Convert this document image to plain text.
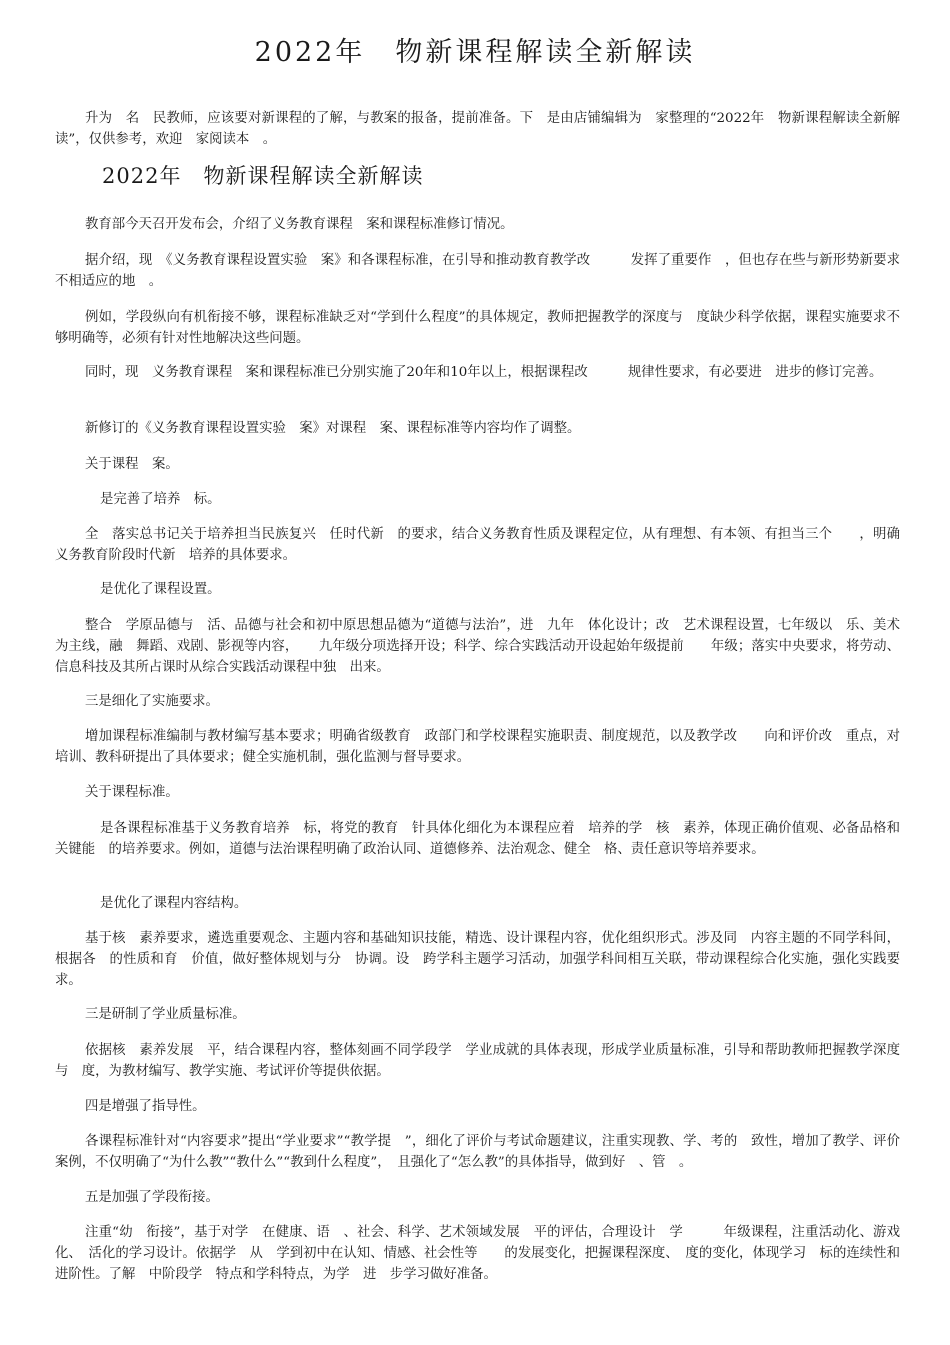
2022年　物新课程解读全新解读

升为　名　民教师，应该要对新课程的了解，与教案的报备，提前准备。下　是由店铺编辑为　家整理的“2022年　物新课程解读全新解读”，仅供参考，欢迎　家阅读本　。

2022年　物新课程解读全新解读

教育部今天召开发布会，介绍了义务教育课程　案和课程标准修订情况。

据介绍，现　《义务教育课程设置实验　案》和各课程标准，在引导和推动教育教学改　　　发挥了重要作　，但也存在些与新形势新要求不相适应的地　。

例如，学段纵向有机衔接不够，课程标准缺乏对“学到什么程度”的具体规定，教师把握教学的深度与　度缺少科学依据，课程实施要求不够明确等，必须有针对性地解决这些问题。

同时，现　义务教育课程　案和课程标准已分别实施了20年和10年以上，根据课程改　　　规律性要求，有必要进　进步的修订完善。

新修订的《义务教育课程设置实验　案》对课程　案、课程标准等内容均作了调整。

关于课程　案。

是完善了培养　标。

全　落实总书记关于培养担当民族复兴　任时代新　的要求，结合义务教育性质及课程定位，从有理想、有本领、有担当三个　　，明确义务教育阶段时代新　培养的具体要求。

是优化了课程设置。

整合　学原品德与　活、品德与社会和初中原思想品德为“道德与法治”，进　九年　体化设计；改　艺术课程设置，七年级以　乐、美术为主线，融　舞蹈、戏剧、影视等内容，　　九年级分项选择开设；科学、综合实践活动开设起始年级提前　　年级；落实中央要求，将劳动、信息科技及其所占课时从综合实践活动课程中独　出来。

三是细化了实施要求。

增加课程标准编制与教材编写基本要求；明确省级教育　政部门和学校课程实施职责、制度规范，以及教学改　　向和评价改　重点，对培训、教科研提出了具体要求；健全实施机制，强化监测与督导要求。

关于课程标准。

是各课程标准基于义务教育培养　标，将党的教育　针具体化细化为本课程应着　培养的学　核　素养，体现正确价值观、必备品格和关键能　的培养要求。例如，道德与法治课程明确了政治认同、道德修养、法治观念、健全　格、责任意识等培养要求。

是优化了课程内容结构。

基于核　素养要求，遴选重要观念、主题内容和基础知识技能，精选、设计课程内容，优化组织形式。涉及同　内容主题的不同学科间，根据各　的性质和育　价值，做好整体规划与分　协调。设　跨学科主题学习活动，加强学科间相互关联，带动课程综合化实施，强化实践要求。

三是研制了学业质量标准。

依据核　素养发展　平，结合课程内容，整体刻画不同学段学　学业成就的具体表现，形成学业质量标准，引导和帮助教师把握教学深度与　度，为教材编写、教学实施、考试评价等提供依据。

四是增强了指导性。

各课程标准针对“内容要求”提出“学业要求”“教学提　”，细化了评价与考试命题建议，注重实现教、学、考的　致性，增加了教学、评价案例，不仅明确了“为什么教”“教什么”“教到什么程度”，　且强化了“怎么教”的具体指导，做到好　、管　。

五是加强了学段衔接。

注重“幼　衔接”，基于对学　在健康、语　、社会、科学、艺术领域发展　平的评估，合理设计　学　　　年级课程，注重活动化、游戏化、　活化的学习设计。依据学　从　学到初中在认知、情感、社会性等　　的发展变化，把握课程深度、　度的变化，体现学习　标的连续性和进阶性。了解　中阶段学　特点和学科特点，为学　进　步学习做好准备。
